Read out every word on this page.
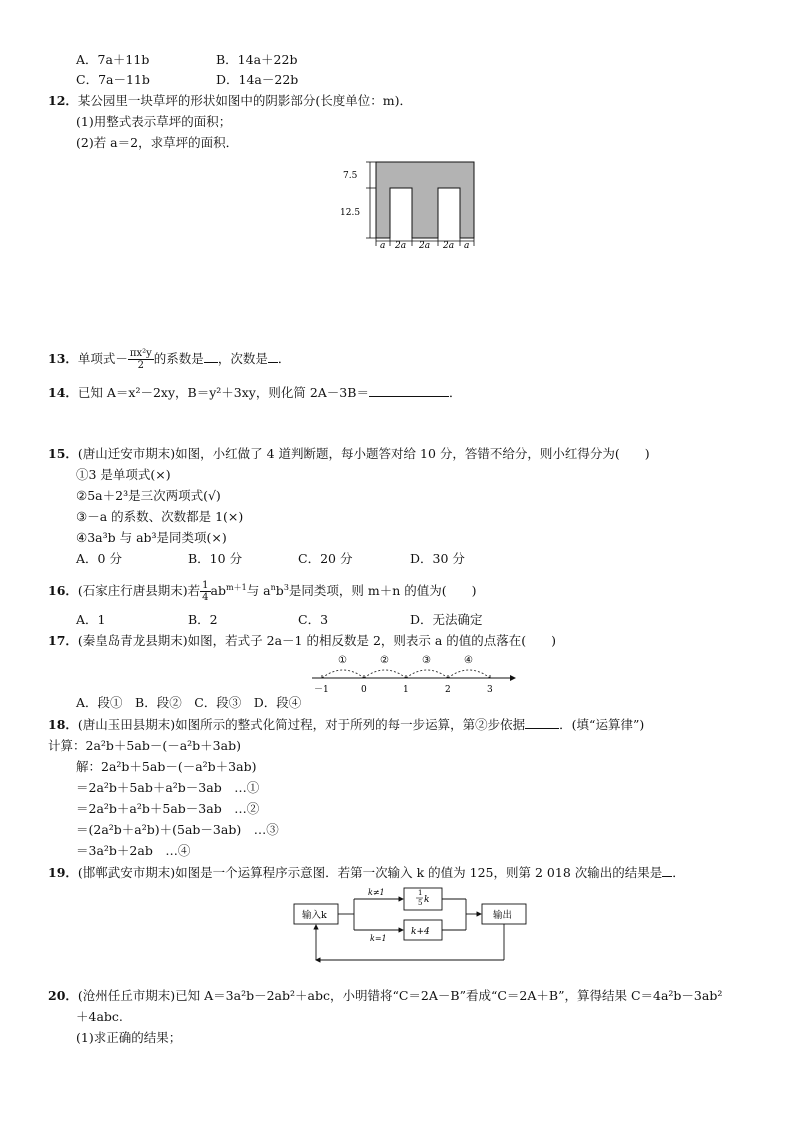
A．7a＋11b	B．14a＋22b
C．7a－11b	D．14a－22b
12．某公园里一块草坪的形状如图中的阴影部分(长度单位：m)．
(1)用整式表示草坪的面积；
(2)若 a＝2，求草坪的面积．
7.5
12.5
a 2a 2a 2a a
13．单项式－ $\frac{\text{πx²y}}{2}$ 的系数是 ，次数是 ．
14．已知 A＝x²－2xy，B＝y²＋3xy，则化简 2A－3B＝	．
15．(唐山迁安市期末)如图，小红做了 4 道判断题，每小题答对给 10 分，答错不给分，则小红得分为(　　)
①3 是单项式(×)
②5a＋2³是三次两项式(√)
③－a 的系数、次数都是 1(×)
④3a³b 与 ab³是同类项(×)
A．0 分	B．10 分	C．20 分	D．30 分
16．(石家庄行唐县期末)若 $\frac{1}{4} ab^{m+1}$与 $a^nb^3$是同类项，则 m＋n 的值为(　　)
A．1	B．2	C．3	D．无法确定
17．(秦皇岛青龙县期末)如图，若式子 2a－1 的相反数是 2，则表示 a 的值的点落在(　　)
①	②	③	④
－1	0	1	2	3
A．段①　B．段②　C．段③　D．段④
18．(唐山玉田县期末)如图所示的整式化简过程，对于所列的每一步运算，第②步依据	．(填“运算律”)
计算：2a²b＋5ab－(－a²b＋3ab)
解：2a²b＋5ab－(－a²b＋3ab)
＝2a²b＋5ab＋a²b－3ab　…①
＝2a²b＋a²b＋5ab－3ab　…②
＝(2a²b＋a²b)＋(5ab－3ab)　…③
＝3a²b＋2ab　…④
19．(邯郸武安市期末)如图是一个运算程序示意图．若第一次输入 k 的值为 125，则第 2 018 次输出的结果是 ．
输入k
1
5 k
k+4
输出
k≠1
k=1
20．(沧州任丘市期末)已知 A＝3a²b－2ab²＋abc，小明错将“C＝2A－B”看成“C＝2A＋B”，算得结果 C＝4a²b－3ab²
＋4abc.
(1)求正确的结果；
